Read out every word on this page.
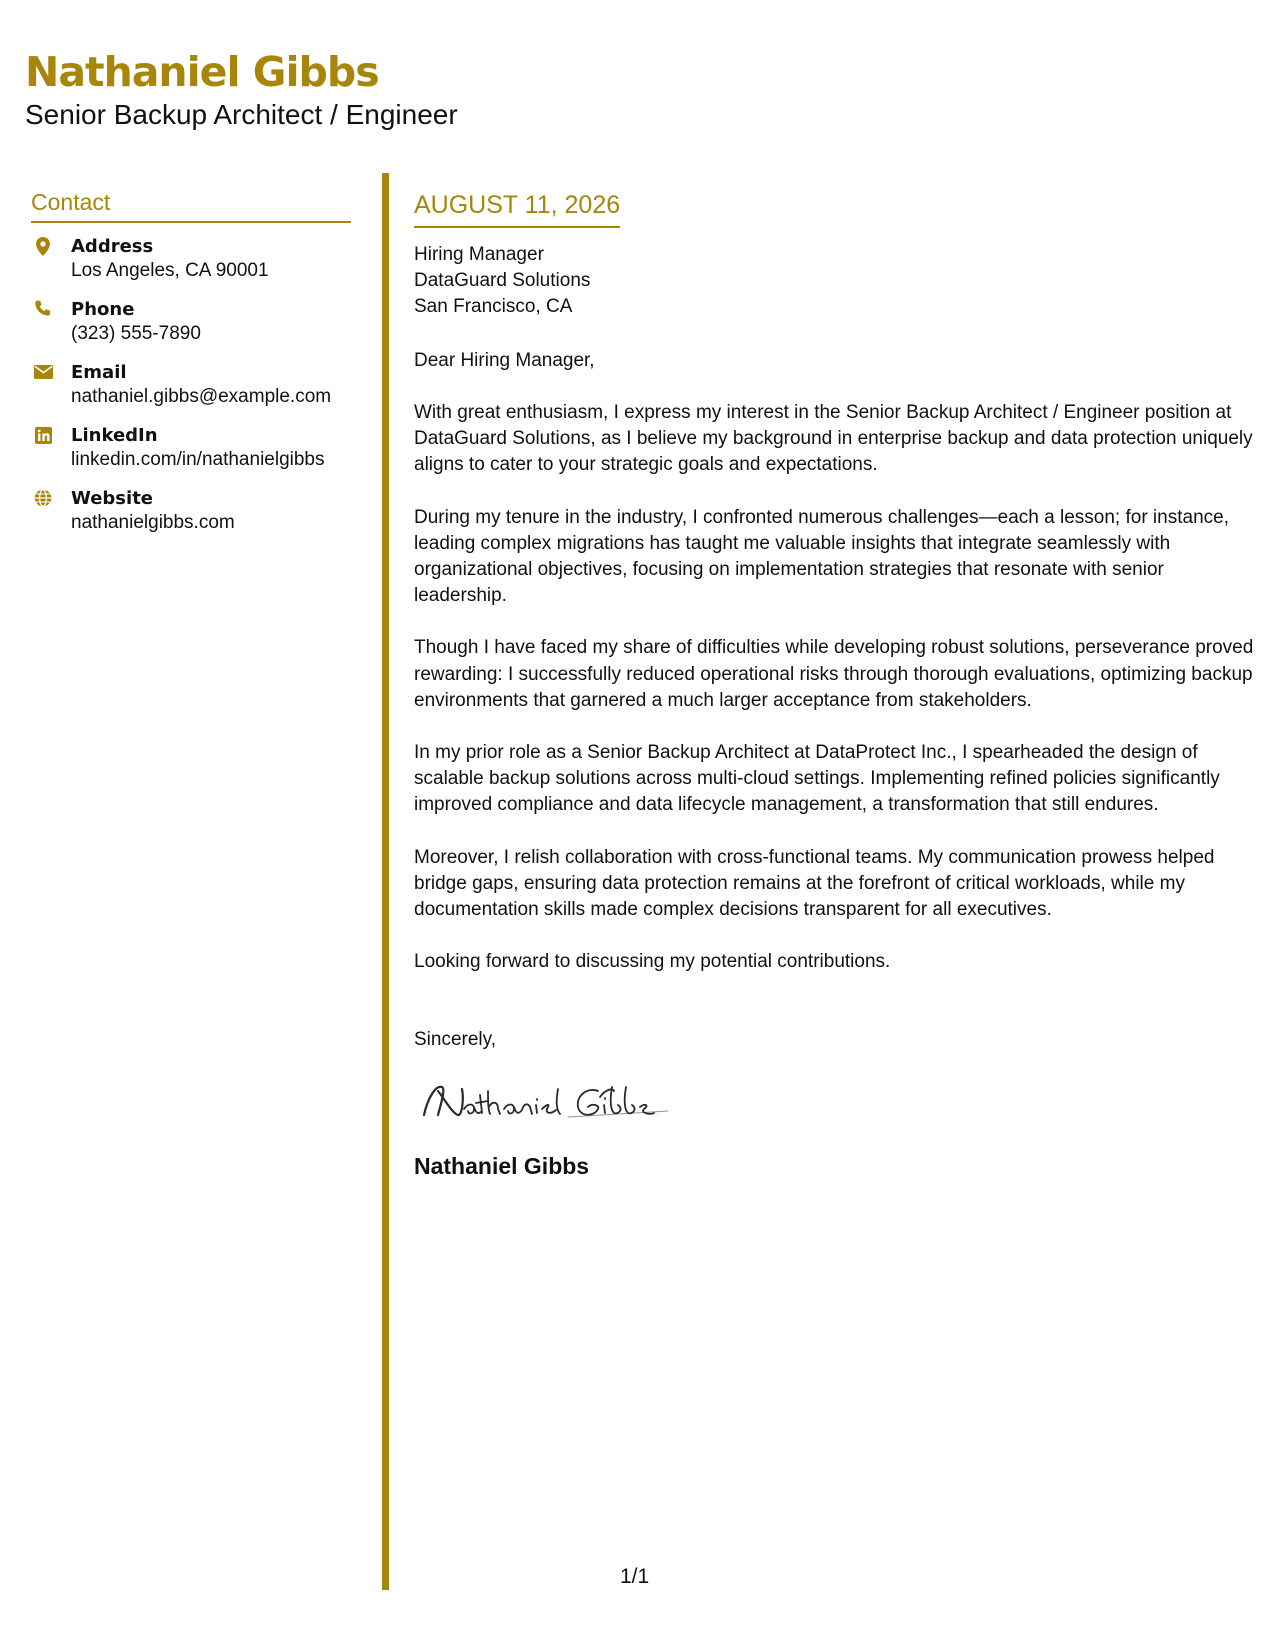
Nathaniel Gibbs
Senior Backup Architect / Engineer
Contact
Address
Los Angeles, CA 90001
Phone
(323) 555-7890
Email
nathaniel.gibbs@example.com
LinkedIn
linkedin.com/in/nathanielgibbs
Website
nathanielgibbs.com
AUGUST 11, 2026
Hiring Manager
DataGuard Solutions
San Francisco, CA
Dear Hiring Manager,
With great enthusiasm, I express my interest in the Senior Backup Architect / Engineer position at DataGuard Solutions, as I believe my background in enterprise backup and data protection uniquely aligns to cater to your strategic goals and expectations.
During my tenure in the industry, I confronted numerous challenges—each a lesson; for instance, leading complex migrations has taught me valuable insights that integrate seamlessly with organizational objectives, focusing on implementation strategies that resonate with senior leadership.
Though I have faced my share of difficulties while developing robust solutions, perseverance proved rewarding: I successfully reduced operational risks through thorough evaluations, optimizing backup environments that garnered a much larger acceptance from stakeholders.
In my prior role as a Senior Backup Architect at DataProtect Inc., I spearheaded the design of scalable backup solutions across multi-cloud settings. Implementing refined policies significantly improved compliance and data lifecycle management, a transformation that still endures.
Moreover, I relish collaboration with cross-functional teams. My communication prowess helped bridge gaps, ensuring data protection remains at the forefront of critical workloads, while my documentation skills made complex decisions transparent for all executives.
Looking forward to discussing my potential contributions.
Sincerely,
Nathaniel Gibbs
1/1
